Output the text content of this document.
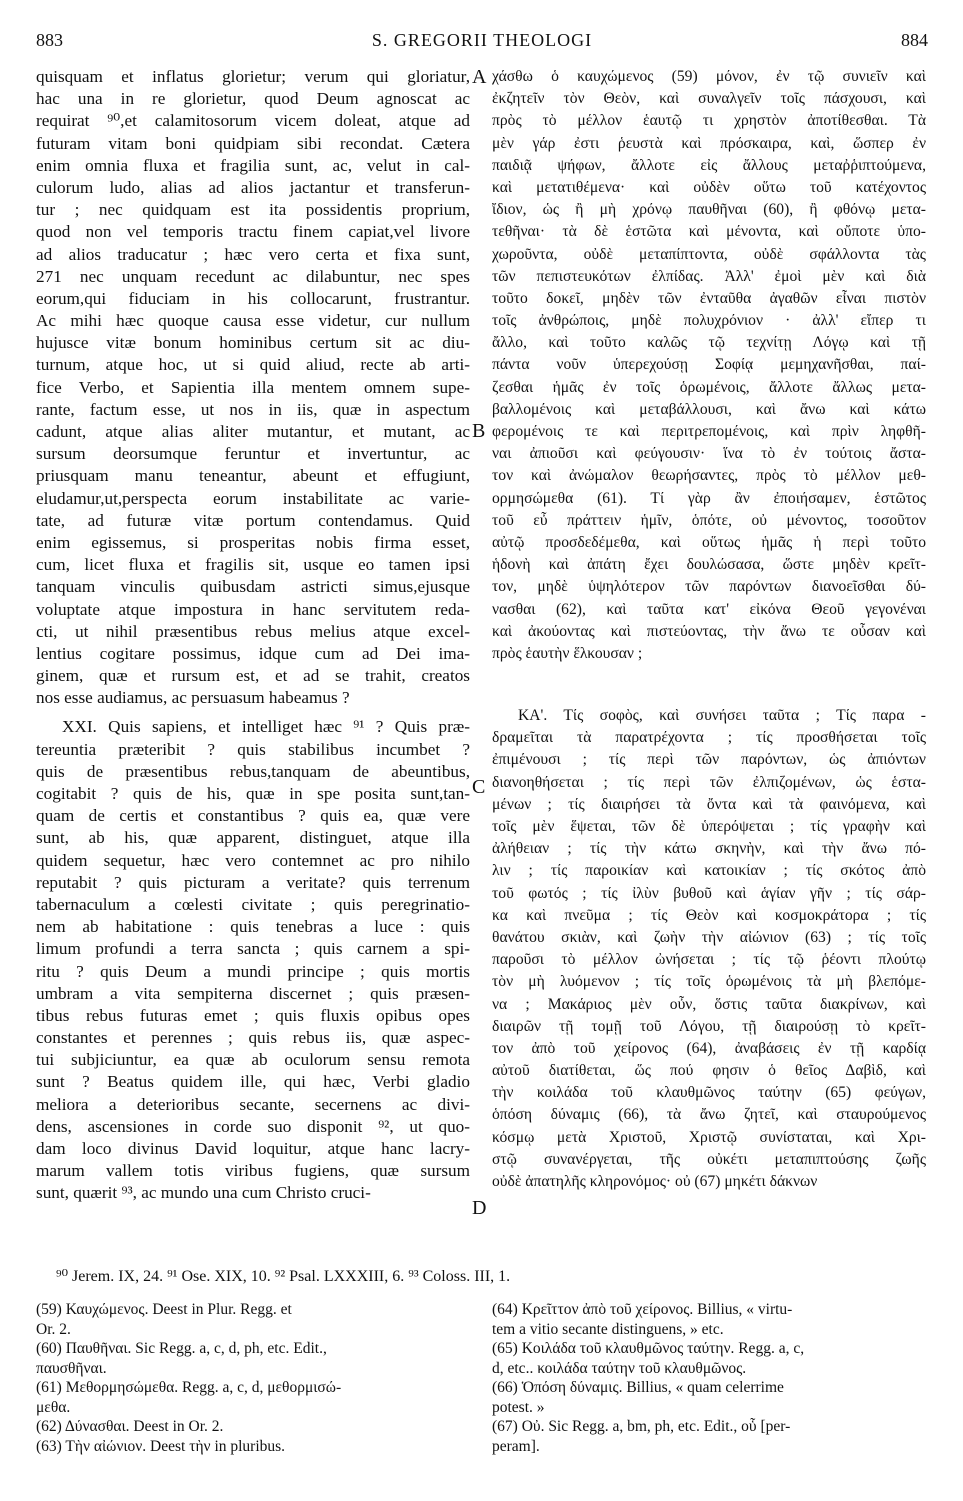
883	S. GREGORII THEOLOGI	884
quisquam et inflatus glorietur; verum qui gloriatur,
hac una in re glorietur, quod Deum agnoscat ac
requirat ⁹⁰,et calamitosorum vicem doleat, atque ad
futuram vitam boni quidpiam sibi recondat. Cætera
enim omnia fluxa et fragilia sunt, ac, velut in cal-
culorum ludo, alias ad alios jactantur et transferun-
tur ; nec quidquam est ita possidentis proprium,
quod non vel temporis tractu finem capiat,vel livore
ad alios traducatur ; hæc vero certa et fixa sunt,
271 nec unquam recedunt ac dilabuntur, nec spes
eorum,qui fiduciam in his collocarunt, frustrantur.
Ac mihi hæc quoque causa esse videtur, cur nullum
hujusce vitæ bonum hominibus certum sit ac diu-
turnum, atque hoc, ut si quid aliud, recte ab arti-
fice Verbo, et Sapientia illa mentem omnem supe-
rante, factum esse, ut nos in iis, quæ in aspectum
cadunt, atque alias aliter mutantur, et mutant, ac
sursum deorsumque feruntur et invertuntur, ac
priusquam manu teneantur, abeunt et effugiunt,
eludamur,ut,perspecta eorum instabilitate ac varie-
tate, ad futuræ vitæ portum contendamus. Quid
enim egissemus, si prosperitas nobis firma esset,
cum, licet fluxa et fragilis sit, usque eo tamen ipsi
tanquam vinculis quibusdam astricti simus,ejusque
voluptate atque impostura in hanc servitutem reda-
cti, ut nihil præsentibus rebus melius atque excel-
lentius cogitare possimus, idque cum ad Dei ima-
ginem, quæ et rursum est, et ad se trahit, creatos
nos esse audiamus, ac persuasum habeamus ?
XXI. Quis sapiens, et intelliget hæc ⁹¹ ? Quis præ-
tereuntia præteribit ? quis stabilibus incumbet ?
quis de præsentibus rebus,tanquam de abeuntibus,
cogitabit ? quis de his, quæ in spe posita sunt,tan-
quam de certis et constantibus ? quis ea, quæ vere
sunt, ab his, quæ apparent, distinguet, atque illa
quidem sequetur, hæc vero contemnet ac pro nihilo
reputabit ? quis picturam a veritate? quis terrenum
tabernaculum a cœlesti civitate ; quis peregrinatio-
nem ab habitatione : quis tenebras a luce : quis
limum profundi a terra sancta ; quis carnem a spi-
ritu ? quis Deum a mundi principe ; quis mortis
umbram a vita sempiterna discernet ; quis præsen-
tibus rebus futuras emet ; quis fluxis opibus opes
constantes et perennes ; quis rebus iis, quæ aspec-
tui subjiciuntur, ea quæ ab oculorum sensu remota
sunt ? Beatus quidem ille, qui hæc, Verbi gladio
meliora a deterioribus secante, secernens ac divi-
dens, ascensiones in corde suo disponit ⁹², ut quo-
dam loco divinus David loquitur, atque hanc lacry-
marum vallem totis viribus fugiens, quæ sursum
sunt, quærit ⁹³, ac mundo una cum Christo cruci-
χάσθω ὁ καυχώμενος (59) μόνον, ἐν τῷ συνιεῖν καὶ
ἐκζητεῖν τὸν Θεὸν, καὶ συναλγεῖν τοῖς πάσχουσι, καὶ
πρὸς τὸ μέλλον ἑαυτῷ τι χρηστὸν ἀποτίθεσθαι. Τὰ
μὲν γάρ ἐστι ῥευστὰ καὶ πρόσκαιρα, καὶ, ὥσπερ ἐν
παιδιᾷ ψήφων, ἄλλοτε εἰς ἄλλους μεταῤῥιπτούμενα,
καὶ μετατιθέμενα· καὶ οὐδὲν οὕτω τοῦ κατέχοντος
ἴδιον, ὡς ἢ μὴ χρόνῳ παυθῆναι (60), ἢ φθόνῳ μετα-
τεθῆναι· τὰ δὲ ἑστῶτα καὶ μένοντα, καὶ οὔποτε ὑπο-
χωροῦντα, οὐδὲ μεταπίπτοντα, οὐδὲ σφάλλοντα τὰς
τῶν πεπιστευκότων ἐλπίδας. Ἀλλ' ἐμοὶ μὲν καὶ διὰ
τοῦτο δοκεῖ, μηδὲν τῶν ἐνταῦθα ἀγαθῶν εἶναι πιστὸν
τοῖς ἀνθρώποις, μηδὲ πολυχρόνιον · ἀλλ' εἴπερ τι
ἄλλο, καὶ τοῦτο καλῶς τῷ τεχνίτῃ Λόγῳ καὶ τῇ
πάντα νοῦν ὑπερεχούσῃ Σοφίᾳ μεμηχανῆσθαι, παί-
ζεσθαι ἡμᾶς ἐν τοῖς ὁρωμένοις, ἄλλοτε ἄλλως μετα-
βαλλομένοις καὶ μεταβάλλουσι, καὶ ἄνω καὶ κάτω
φερομένοις τε καὶ περιτρεπομένοις, καὶ πρὶν ληφθῆ-
ναι ἀπιοῦσι καὶ φεύγουσιν· ἵνα τὸ ἐν τούτοις ἄστα-
τον καὶ ἀνώμαλον θεωρήσαντες, πρὸς τὸ μέλλον μεθ-
ορμησώμεθα (61). Τί γὰρ ἂν ἐποιήσαμεν, ἑστῶτος
τοῦ εὖ πράττειν ἡμῖν, ὁπότε, οὐ μένοντος, τοσοῦτον
αὐτῷ προσδεδέμεθα, καὶ οὕτως ἡμᾶς ἡ περὶ τοῦτο
ἡδονὴ καὶ ἀπάτη ἔχει δουλώσασα, ὥστε μηδὲν κρεῖτ-
τον, μηδὲ ὑψηλότερον τῶν παρόντων διανοεῖσθαι δύ-
νασθαι (62), καὶ ταῦτα κατ' εἰκόνα Θεοῦ γεγονέναι
καὶ ἀκούοντας καὶ πιστεύοντας, τὴν ἄνω τε οὖσαν καὶ
πρὸς ἑαυτὴν ἕλκουσαν ;
ΚΑ'. Τίς σοφὸς, καὶ συνήσει ταῦτα ; Τίς παρα -
δραμεῖται τὰ παρατρέχοντα ; τίς προσθήσεται τοῖς
ἐπιμένουσι ; τίς περὶ τῶν παρόντων, ὡς ἀπιόντων
διανοηθήσεται ; τίς περὶ τῶν ἐλπιζομένων, ὡς ἑστα-
μένων ; τίς διαιρήσει τὰ ὄντα καὶ τὰ φαινόμενα, καὶ
τοῖς μὲν ἕψεται, τῶν δὲ ὑπερόψεται ; τίς γραφὴν καὶ
ἀλήθειαν ; τίς τὴν κάτω σκηνὴν, καὶ τὴν ἄνω πό-
λιν ; τίς παροικίαν καὶ κατοικίαν ; τίς σκότος ἀπὸ
τοῦ φωτός ; τίς ἰλὺν βυθοῦ καὶ ἁγίαν γῆν ; τίς σάρ-
κα καὶ πνεῦμα ; τίς Θεὸν καὶ κοσμοκράτορα ; τίς
θανάτου σκιὰν, καὶ ζωὴν τὴν αἰώνιον (63) ; τίς τοῖς
παροῦσι τὸ μέλλον ὠνήσεται ; τίς τῷ ῥέοντι πλούτῳ
τὸν μὴ λυόμενον ; τίς τοῖς ὁρωμένοις τὰ μὴ βλεπόμε-
να ; Μακάριος μὲν οὖν, ὅστις ταῦτα διακρίνων, καὶ
διαιρῶν τῇ τομῇ τοῦ Λόγου, τῇ διαιρούσῃ τὸ κρεῖτ-
τον ἀπὸ τοῦ χείρονος (64), ἀναβάσεις ἐν τῇ καρδίᾳ
αὐτοῦ διατίθεται, ὥς πού φησιν ὁ θεῖος Δαβὶδ, καὶ
τὴν κοιλάδα τοῦ κλαυθμῶνος ταύτην (65) φεύγων,
ὁπόση δύναμις (66), τὰ ἄνω ζητεῖ, καὶ σταυρούμενος
κόσμῳ μετὰ Χριστοῦ, Χριστῷ συνίσταται, καὶ Χρι-
στῷ συνανέργεται, τῆς οὐκέτι μεταπιπτούσης ζωῆς
οὐδὲ ἀπατηλῆς κληρονόμος· οὐ (67) μηκέτι δάκνων
A
B
C
D
⁹⁰ Jerem. IX, 24. ⁹¹ Ose. XIX, 10. ⁹² Psal. LXXXIII, 6. ⁹³ Coloss. III, 1.
(59) Καυχώμενος. Deest in Plur. Regg. et
Or. 2.
(60) Παυθῆναι. Sic Regg. a, c, d, ph, etc. Edit.,
παυσθῆναι.
(61) Μεθορμησώμεθα. Regg. a, c, d, μεθορμισώ-
μεθα.
(62) Δύνασθαι. Deest in Or. 2.
(63) Τὴν αἰώνιον. Deest τὴν in pluribus.
(64) Κρεῖττον ἀπὸ τοῦ χείρονος. Billius, « virtu-
tem a vitio secante distinguens, » etc.
(65) Κοιλάδα τοῦ κλαυθμῶνος ταύτην. Regg. a, c,
d, etc.. κοιλάδα ταύτην τοῦ κλαυθμῶνος.
(66) Ὁπόση δύναμις. Billius, « quam celerrime
potest. »
(67) Οὐ. Sic Regg. a, bm, ph, etc. Edit., οὗ [per-
peram].
